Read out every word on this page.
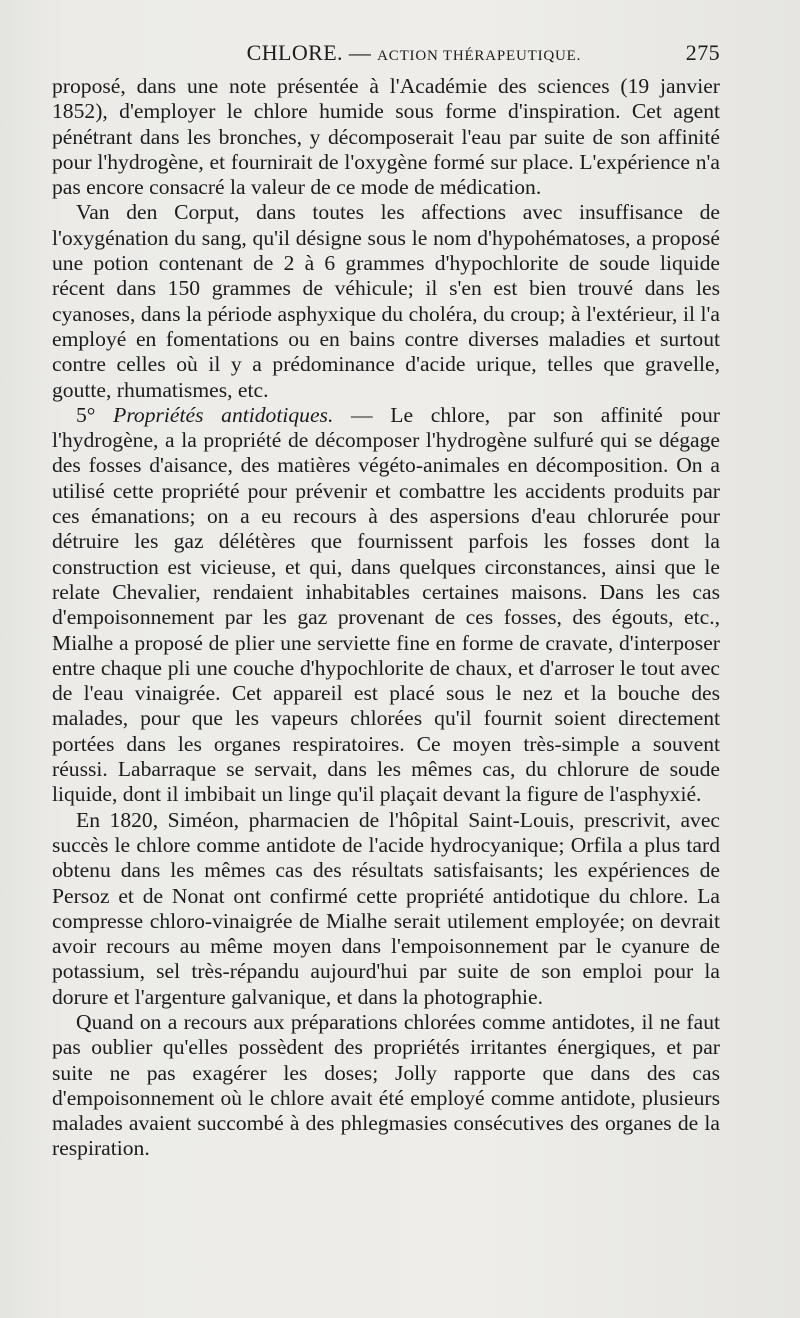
CHLORE. — ACTION THÉRAPEUTIQUE.	275

proposé, dans une note présentée à l'Académie des sciences (19 janvier 1852), d'employer le chlore humide sous forme d'inspiration. Cet agent pénétrant dans les bronches, y décomposerait l'eau par suite de son affinité pour l'hydrogène, et fournirait de l'oxygène formé sur place. L'expérience n'a pas encore consacré la valeur de ce mode de médication.

Van den Corput, dans toutes les affections avec insuffisance de l'oxygénation du sang, qu'il désigne sous le nom d'hypohématoses, a proposé une potion contenant de 2 à 6 grammes d'hypochlorite de soude liquide récent dans 150 grammes de véhicule; il s'en est bien trouvé dans les cyanoses, dans la période asphyxique du choléra, du croup; à l'extérieur, il l'a employé en fomentations ou en bains contre diverses maladies et surtout contre celles où il y a prédominance d'acide urique, telles que gravelle, goutte, rhumatismes, etc.

5° Propriétés antidotiques. — Le chlore, par son affinité pour l'hydrogène, a la propriété de décomposer l'hydrogène sulfuré qui se dégage des fosses d'aisance, des matières végéto-animales en décomposition. On a utilisé cette propriété pour prévenir et combattre les accidents produits par ces émanations; on a eu recours à des aspersions d'eau chlorurée pour détruire les gaz délétères que fournissent parfois les fosses dont la construction est vicieuse, et qui, dans quelques circonstances, ainsi que le relate Chevalier, rendaient inhabitables certaines maisons. Dans les cas d'empoisonnement par les gaz provenant de ces fosses, des égouts, etc., Mialhe a proposé de plier une serviette fine en forme de cravate, d'interposer entre chaque pli une couche d'hypochlorite de chaux, et d'arroser le tout avec de l'eau vinaigrée. Cet appareil est placé sous le nez et la bouche des malades, pour que les vapeurs chlorées qu'il fournit soient directement portées dans les organes respiratoires. Ce moyen très-simple a souvent réussi. Labarraque se servait, dans les mêmes cas, du chlorure de soude liquide, dont il imbibait un linge qu'il plaçait devant la figure de l'asphyxié.

En 1820, Siméon, pharmacien de l'hôpital Saint-Louis, prescrivit, avec succès le chlore comme antidote de l'acide hydrocyanique; Orfila a plus tard obtenu dans les mêmes cas des résultats satisfaisants; les expériences de Persoz et de Nonat ont confirmé cette propriété antidotique du chlore. La compresse chloro-vinaigrée de Mialhe serait utilement employée; on devrait avoir recours au même moyen dans l'empoisonnement par le cyanure de potassium, sel très-répandu aujourd'hui par suite de son emploi pour la dorure et l'argenture galvanique, et dans la photographie.

Quand on a recours aux préparations chlorées comme antidotes, il ne faut pas oublier qu'elles possèdent des propriétés irritantes énergiques, et par suite ne pas exagérer les doses; Jolly rapporte que dans des cas d'empoisonnement où le chlore avait été employé comme antidote, plusieurs malades avaient succombé à des phlegmasies consécutives des organes de la respiration.
